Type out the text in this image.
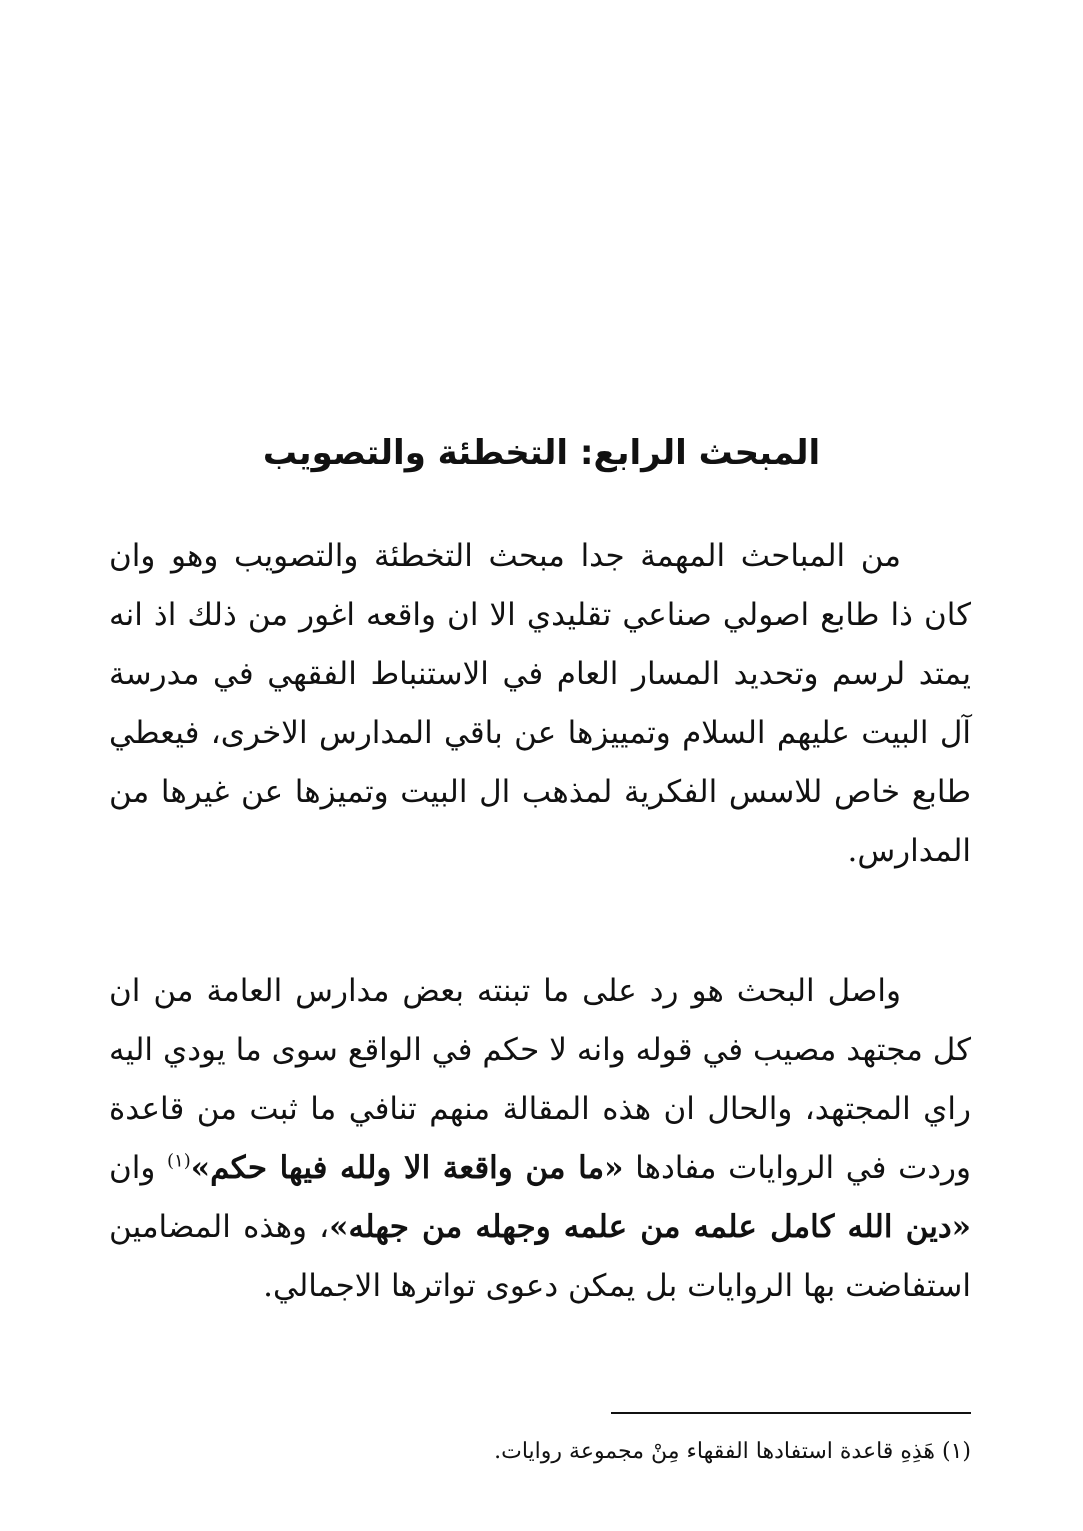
المبحث الرابع: التخطئة والتصويب

من المباحث المهمة جدا مبحث التخطئة والتصويب وهو وان كان ذا طابع اصولي صناعي تقليدي الا ان واقعه اغور من ذلك اذ انه يمتد لرسم وتحديد المسار العام في الاستنباط الفقهي في مدرسة آل البيت عليهم السلام وتمييزها عن باقي المدارس الاخرى، فيعطي طابع خاص للاسس الفكرية لمذهب ال البيت وتميزها عن غيرها من المدارس.

واصل البحث هو رد على ما تبنته بعض مدارس العامة من ان كل مجتهد مصيب في قوله وانه لا حكم في الواقع سوى ما يودي اليه راي المجتهد، والحال ان هذه المقالة منهم تنافي ما ثبت من قاعدة وردت في الروايات مفادها «ما من واقعة الا ولله فيها حكم»$^{(١)}$ وان «دين الله كامل علمه من علمه وجهله من جهله»، وهذه المضامين استفاضت بها الروايات بل يمكن دعوى تواترها الاجمالي.

(١) هَذِهِ قاعدة استفادها الفقهاء مِنْ مجموعة روايات.
